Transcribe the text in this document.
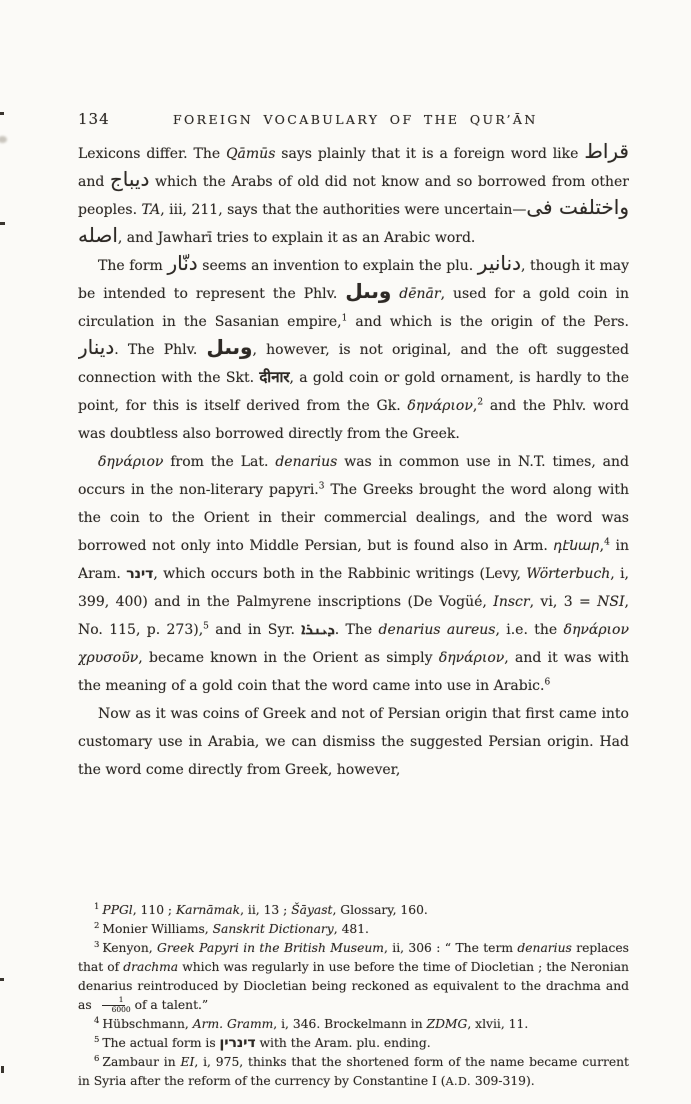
134	FOREIGN VOCABULARY OF THE QUR’ĀN

Lexicons differ. The Qāmūs says plainly that it is a foreign word like قراط and ديباج which the Arabs of old did not know and so borrowed from other peoples. TA, iii, 211, says that the authorities were uncertain—واختلفت فى اصله, and Jawharī tries to explain it as an Arabic word.

The form دنّار seems an invention to explain the plu. دنانير, though it may be intended to represent the Phlv. وىىل dēnār, used for a gold coin in circulation in the Sasanian empire,$^1$ and which is the origin of the Pers. دينار. The Phlv. وىىل, however, is not original, and the oft suggested connection with the Skt. दीनार, a gold coin or gold ornament, is hardly to the point, for this is itself derived from the Gk. δηνάριον,$^2$ and the Phlv. word was doubtless also borrowed directly from the Greek.

δηνάριον from the Lat. denarius was in common use in N.T. times, and occurs in the non-literary papyri.$^3$ The Greeks brought the word along with the coin to the Orient in their commercial dealings, and the word was borrowed not only into Middle Persian, but is found also in Arm. դէնար,$^4$ in Aram. דינר, which occurs both in the Rabbinic writings (Levy, Wörterbuch, i, 399, 400) and in the Palmyrene inscriptions (De Vogüé, Inscr, vi, 3 = NSI, No. 115, p. 273),$^5$ and in Syr. ܕܝܢܪܐ. The denarius aureus, i.e. the δηνάριον χρυσοῦν, became known in the Orient as simply δηνάριον, and it was with the meaning of a gold coin that the word came into use in Arabic.$^6$

Now as it was coins of Greek and not of Persian origin that first came into customary use in Arabia, we can dismiss the suggested Persian origin. Had the word come directly from Greek, however,

$^1$ PPGl, 110 ; Karnāmak, ii, 13 ; Šāyast, Glossary, 160.

$^2$ Monier Williams, Sanskrit Dictionary, 481.

$^3$ Kenyon, Greek Papyri in the British Museum, ii, 306 : “ The term denarius replaces that of drachma which was regularly in use before the time of Diocletian ; the Neronian denarius reintroduced by Diocletian being reckoned as equivalent to the drachma and as $\frac{1}{6000}$ of a talent.”

$^4$ Hübschmann, Arm. Gramm, i, 346. Brockelmann in ZDMG, xlvii, 11.

$^5$ The actual form is דינרין with the Aram. plu. ending.

$^6$ Zambaur in EI, i, 975, thinks that the shortened form of the name became current in Syria after the reform of the currency by Constantine I (A.D. 309-319).
